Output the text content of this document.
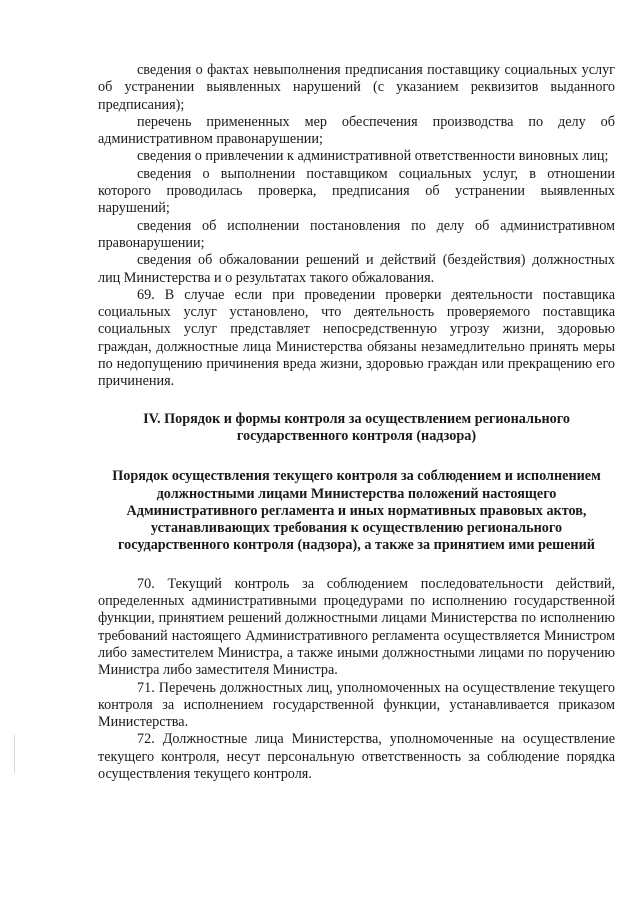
сведения о фактах невыполнения предписания поставщику социальных услуг об устранении выявленных нарушений (с указанием реквизитов выданного предписания);

перечень примененных мер обеспечения производства по делу об административном правонарушении;

сведения о привлечении к административной ответственности виновных лиц;

сведения о выполнении поставщиком социальных услуг, в отношении которого проводилась проверка, предписания об устранении выявленных нарушений;

сведения об исполнении постановления по делу об административном правонарушении;

сведения об обжаловании решений и действий (бездействия) должностных лиц Министерства и о результатах такого обжалования.

69. В случае если при проведении проверки деятельности поставщика социальных услуг установлено, что деятельность проверяемого поставщика социальных услуг представляет непосредственную угрозу жизни, здоровью граждан, должностные лица Министерства обязаны незамедлительно принять меры по недопущению причинения вреда жизни, здоровью граждан или прекращению его причинения.

IV. Порядок и формы контроля за осуществлением регионального государственного контроля (надзора)

Порядок осуществления текущего контроля за соблюдением и исполнением должностными лицами Министерства положений настоящего Административного регламента и иных нормативных правовых актов, устанавливающих требования к осуществлению регионального государственного контроля (надзора), а также за принятием ими решений

70. Текущий контроль за соблюдением последовательности действий, определенных административными процедурами по исполнению государственной функции, принятием решений должностными лицами Министерства по исполнению требований настоящего Административного регламента осуществляется Министром либо заместителем Министра, а также иными должностными лицами по поручению Министра либо заместителя Министра.

71. Перечень должностных лиц, уполномоченных на осуществление текущего контроля за исполнением государственной функции, устанавливается приказом Министерства.

72. Должностные лица Министерства, уполномоченные на осуществление текущего контроля, несут персональную ответственность за соблюдение порядка осуществления текущего контроля.
